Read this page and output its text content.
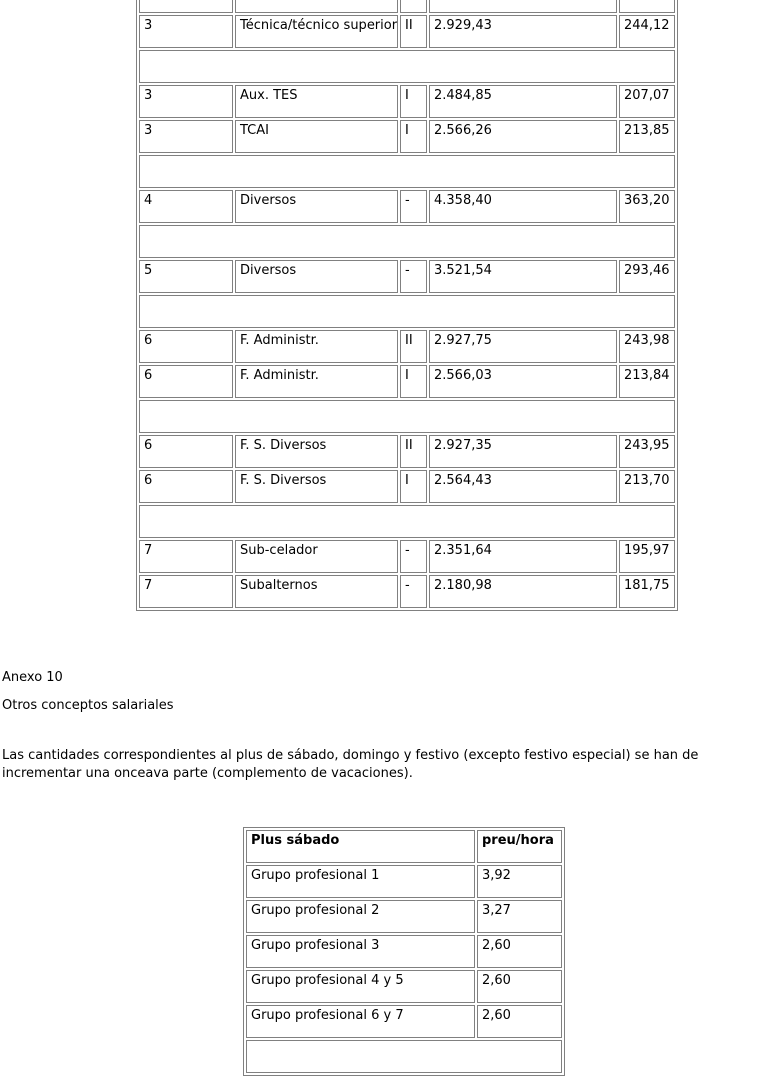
3	Técnica/técnico superior	II	2.929,43	244,12

3	Aux. TES	I	2.484,85	207,07
3	TCAI	I	2.566,26	213,85

4	Diversos	-	4.358,40	363,20

5	Diversos	-	3.521,54	293,46

6	F. Administr.	II	2.927,75	243,98
6	F. Administr.	I	2.566,03	213,84

6	F. S. Diversos	II	2.927,35	243,95
6	F. S. Diversos	I	2.564,43	213,70

7	Sub-celador	-	2.351,64	195,97
7	Subalternos	-	2.180,98	181,75
Anexo 10
Otros conceptos salariales
Las cantidades correspondientes al plus de sábado, domingo y festivo (excepto festivo especial) se han de incrementar una onceava parte (complemento de vacaciones).
Plus sábado	preu/hora
Grupo profesional 1	3,92
Grupo profesional 2	3,27
Grupo profesional 3	2,60
Grupo profesional 4 y 5	2,60
Grupo profesional 6 y 7	2,60
